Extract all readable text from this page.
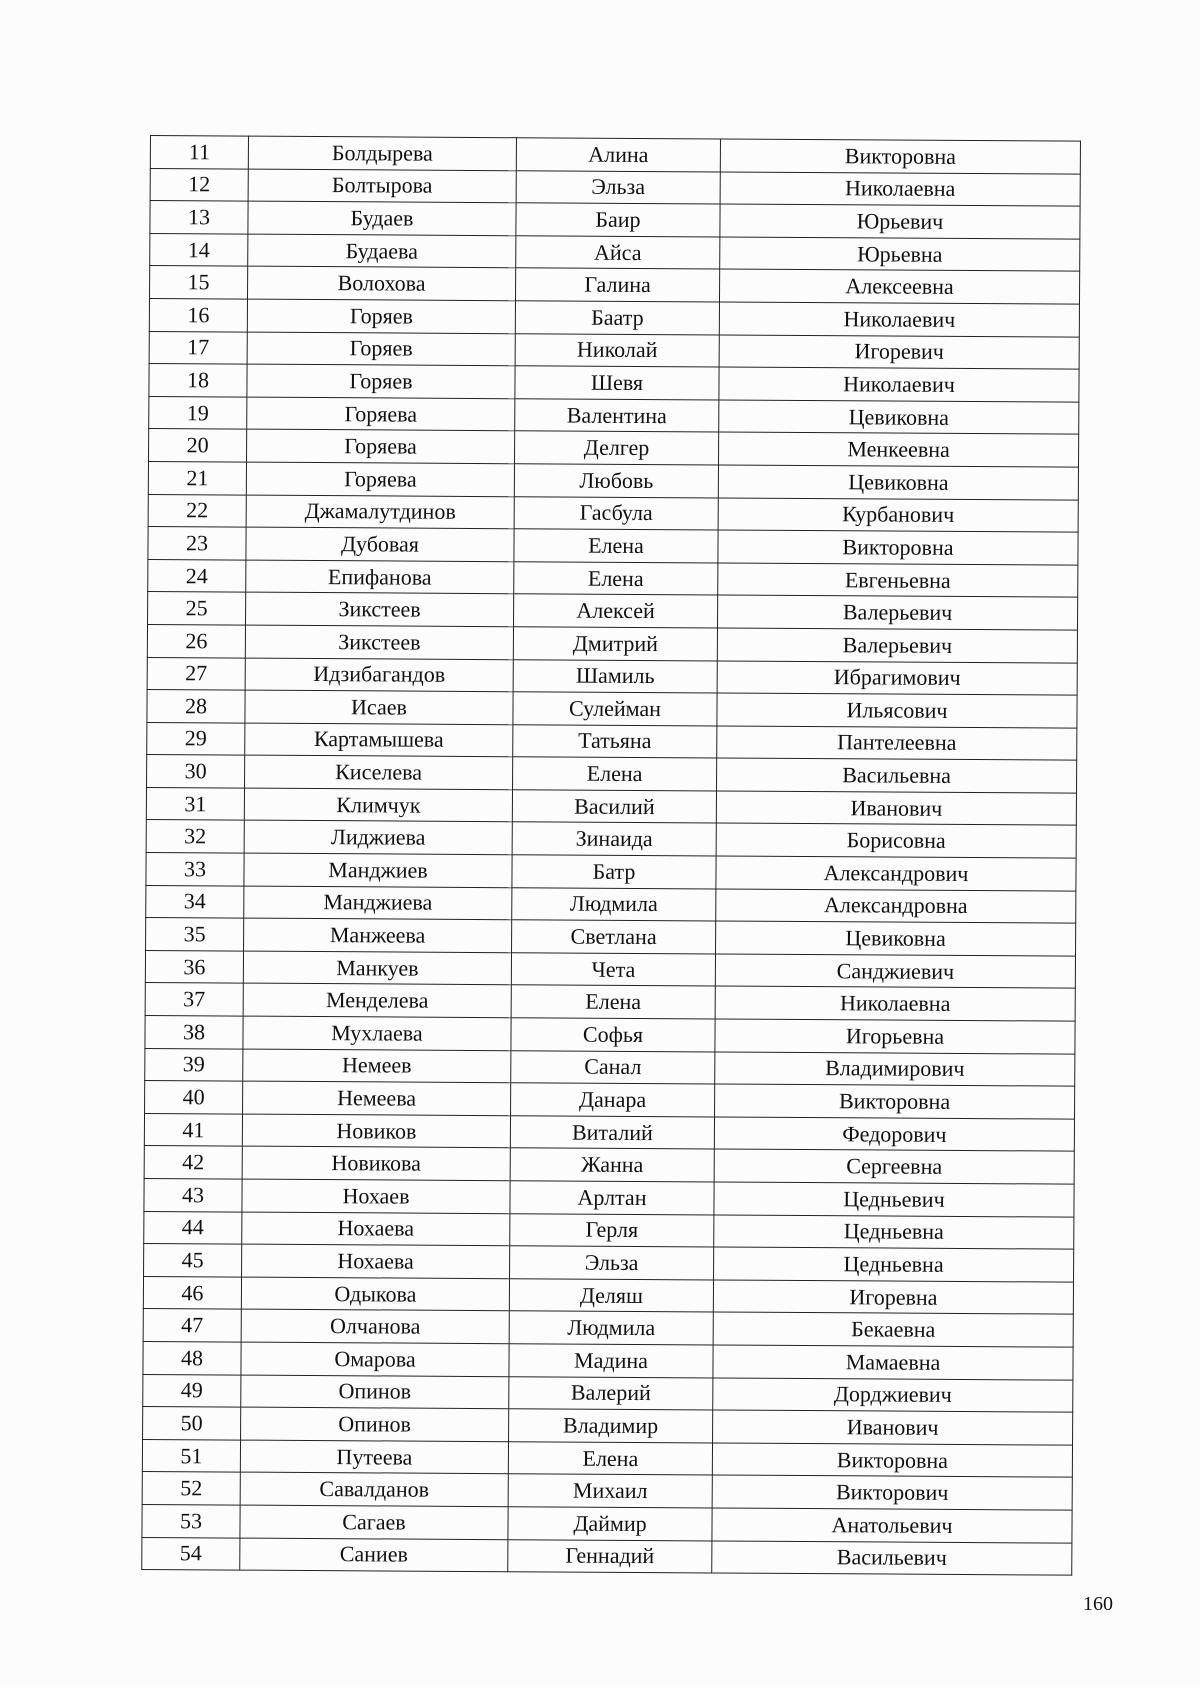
11	Болдырева	Алина	Викторовна
12	Болтырова	Эльза	Николаевна
13	Будаев	Баир	Юрьевич
14	Будаева	Айса	Юрьевна
15	Волохова	Галина	Алексеевна
16	Горяев	Баатр	Николаевич
17	Горяев	Николай	Игоревич
18	Горяев	Шевя	Николаевич
19	Горяева	Валентина	Цевиковна
20	Горяева	Делгер	Менкеевна
21	Горяева	Любовь	Цевиковна
22	Джамалутдинов	Гасбула	Курбанович
23	Дубовая	Елена	Викторовна
24	Епифанова	Елена	Евгеньевна
25	Зикстеев	Алексей	Валерьевич
26	Зикстеев	Дмитрий	Валерьевич
27	Идзибагандов	Шамиль	Ибрагимович
28	Исаев	Сулейман	Ильясович
29	Картамышева	Татьяна	Пантелеевна
30	Киселева	Елена	Васильевна
31	Климчук	Василий	Иванович
32	Лиджиева	Зинаида	Борисовна
33	Манджиев	Батр	Александрович
34	Манджиева	Людмила	Александровна
35	Манжеева	Светлана	Цевиковна
36	Манкуев	Чета	Санджиевич
37	Менделева	Елена	Николаевна
38	Мухлаева	Софья	Игорьевна
39	Немеев	Санал	Владимирович
40	Немеева	Данара	Викторовна
41	Новиков	Виталий	Федорович
42	Новикова	Жанна	Сергеевна
43	Нохаев	Арлтан	Цедньевич
44	Нохаева	Герля	Цедньевна
45	Нохаева	Эльза	Цедньевна
46	Одыкова	Деляш	Игоревна
47	Олчанова	Людмила	Бекаевна
48	Омарова	Мадина	Мамаевна
49	Опинов	Валерий	Дорджиевич
50	Опинов	Владимир	Иванович
51	Путеева	Елена	Викторовна
52	Савалданов	Михаил	Викторович
53	Сагаев	Даймир	Анатольевич
54	Саниев	Геннадий	Васильевич
160
